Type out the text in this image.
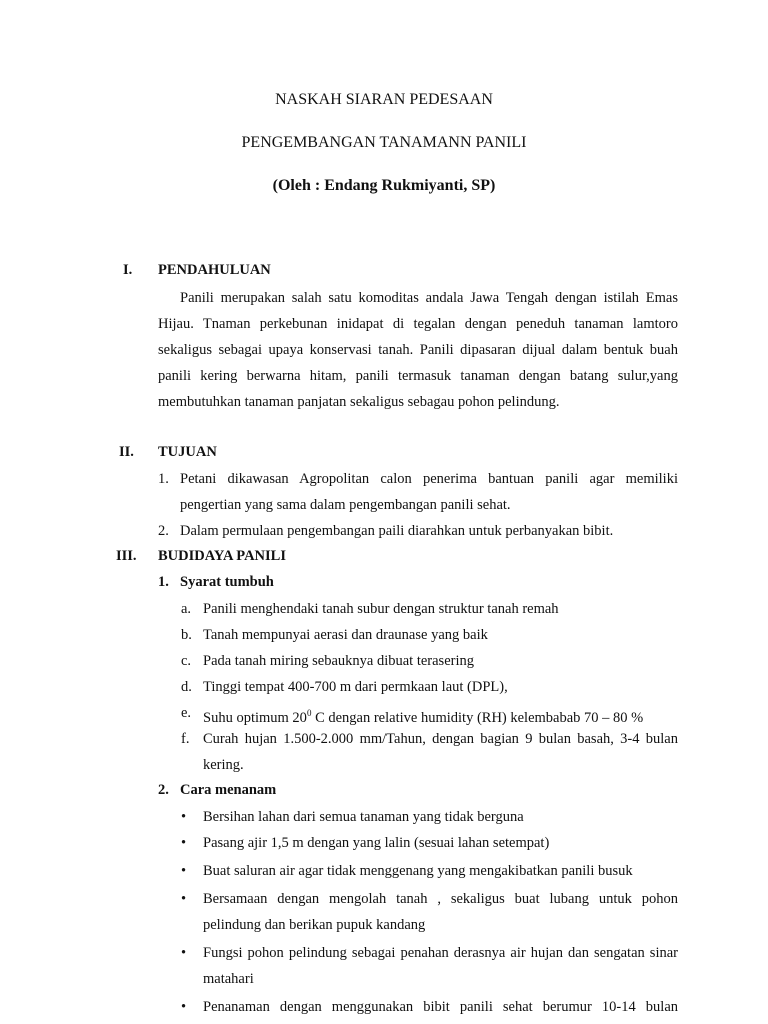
NASKAH SIARAN PEDESAAN
PENGEMBANGAN TANAMANN PANILI
(Oleh : Endang Rukmiyanti, SP)
I. PENDAHULUAN
Panili merupakan salah satu komoditas andala Jawa Tengah dengan istilah Emas Hijau. Tnaman perkebunan inidapat di tegalan dengan peneduh tanaman lamtoro sekaligus sebagai upaya konservasi tanah. Panili dipasaran dijual dalam bentuk buah panili kering berwarna hitam, panili termasuk tanaman dengan batang sulur,yang membutuhkan tanaman panjatan sekaligus sebagau pohon pelindung.
II. TUJUAN
1. Petani dikawasan Agropolitan calon penerima bantuan panili agar memiliki pengertian yang sama dalam pengembangan panili sehat.
2. Dalam permulaan pengembangan paili diarahkan untuk perbanyakan bibit.
III. BUDIDAYA PANILI
1. Syarat tumbuh
a. Panili menghendaki tanah subur dengan struktur tanah remah
b. Tanah mempunyai aerasi dan draunase yang baik
c. Pada tanah miring sebauknya dibuat terasering
d. Tinggi tempat 400-700 m dari permkaan laut (DPL),
e. Suhu optimum $20^0$ C dengan relative humidity (RH) kelembabab 70 – 80 %
f. Curah hujan 1.500-2.000 mm/Tahun, dengan bagian 9 bulan basah, 3-4 bulan kering.
2. Cara menanam
• Bersihan lahan dari semua tanaman yang tidak berguna
• Pasang ajir 1,5 m dengan yang lalin (sesuai lahan setempat)
• Buat saluran air agar tidak menggenang yang mengakibatkan panili busuk
• Bersamaan dengan mengolah tanah , sekaligus buat lubang untuk pohon pelindung dan berikan pupuk kandang
• Fungsi pohon pelindung sebagai penahan derasnya air hujan dan sengatan sinar matahari
• Penanaman dengan menggunakan bibit panili sehat berumur 10-14 bulan
